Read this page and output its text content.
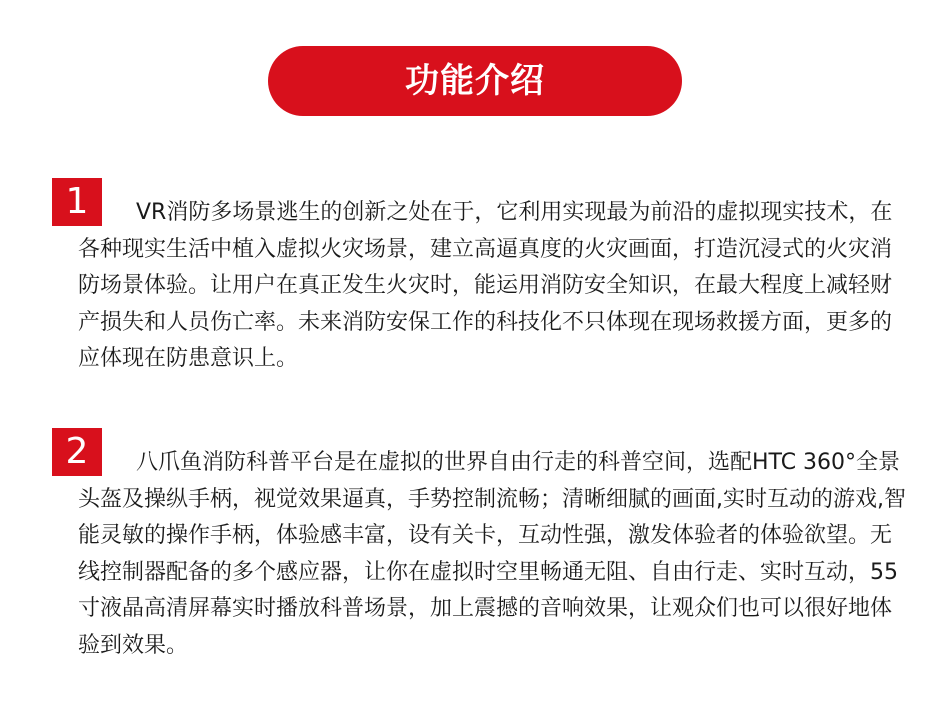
功能介绍
1	VR消防多场景逃生的创新之处在于，它利用实现最为前沿的虚拟现实技术，在各种现实生活中植入虚拟火灾场景，建立高逼真度的火灾画面，打造沉浸式的火灾消防场景体验。让用户在真正发生火灾时，能运用消防安全知识，在最大程度上减轻财产损失和人员伤亡率。未来消防安保工作的科技化不只体现在现场救援方面，更多的应体现在防患意识上。

2	八爪鱼消防科普平台是在虚拟的世界自由行走的科普空间，选配HTC 360°全景头盔及操纵手柄，视觉效果逼真，手势控制流畅；清晰细腻的画面,实时互动的游戏,智能灵敏的操作手柄，体验感丰富，设有关卡，互动性强，激发体验者的体验欲望。无线控制器配备的多个感应器，让你在虚拟时空里畅通无阻、自由行走、实时互动，55寸液晶高清屏幕实时播放科普场景，加上震撼的音响效果，让观众们也可以很好地体验到效果。
